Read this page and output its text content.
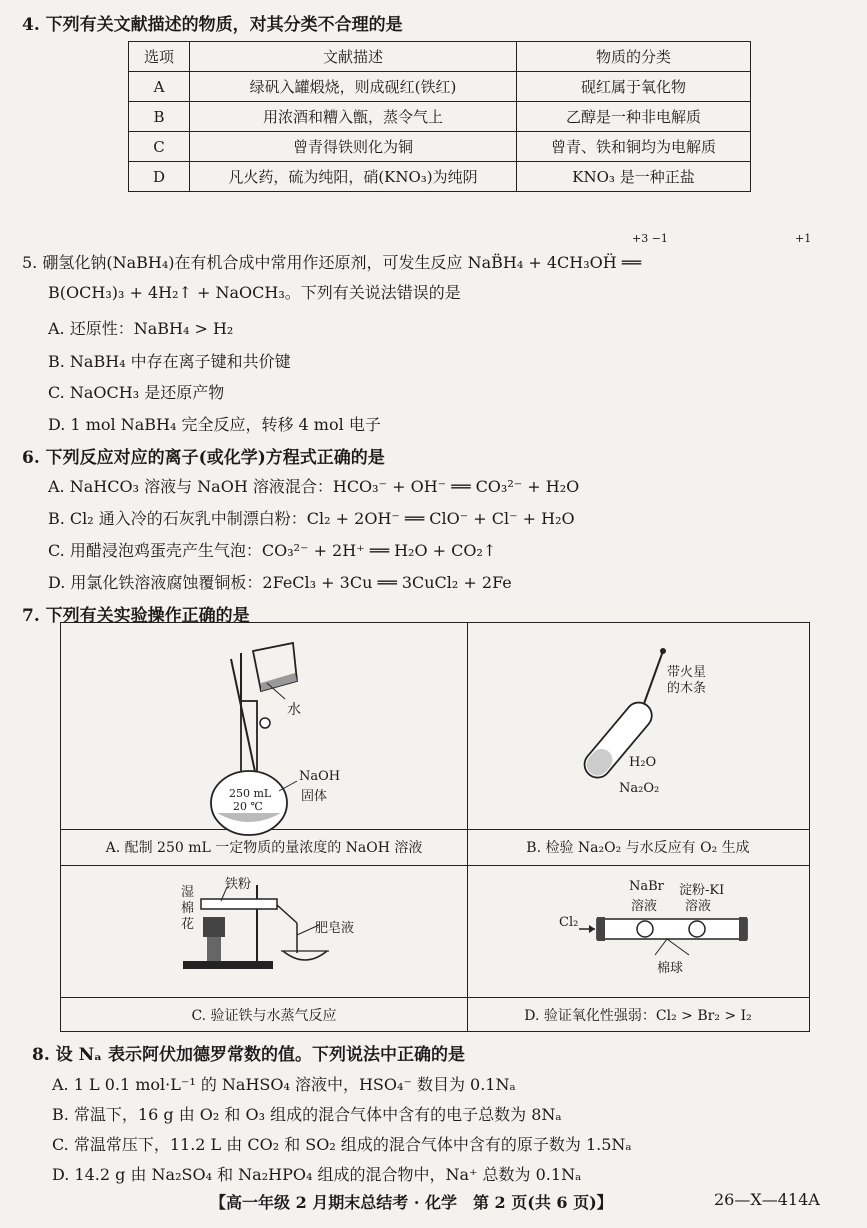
4. 下列有关文献描述的物质，对其分类不合理的是
选项	文献描述	物质的分类
A	绿矾入罐煅烧，则成砚红(铁红)	砚红属于氧化物
B	用浓酒和糟入甑，蒸令气上	乙醇是一种非电解质
C	曾青得铁则化为铜	曾青、铁和铜均为电解质
D	凡火药，硫为纯阳，硝(KNO₃)为纯阴	KNO₃ 是一种正盐
+3 −1	+1
5. 硼氢化钠(NaBH₄)在有机合成中常用作还原剂，可发生反应 NaB̈H₄ + 4CH₃OḦ ══
B(OCH₃)₃ + 4H₂↑ + NaOCH₃。下列有关说法错误的是
A. 还原性：NaBH₄ > H₂
B. NaBH₄ 中存在离子键和共价键
C. NaOCH₃ 是还原产物
D. 1 mol NaBH₄ 完全反应，转移 4 mol 电子
6. 下列反应对应的离子(或化学)方程式正确的是
A. NaHCO₃ 溶液与 NaOH 溶液混合：HCO₃⁻ + OH⁻ ══ CO₃²⁻ + H₂O
B. Cl₂ 通入冷的石灰乳中制漂白粉：Cl₂ + 2OH⁻ ══ ClO⁻ + Cl⁻ + H₂O
C. 用醋浸泡鸡蛋壳产生气泡：CO₃²⁻ + 2H⁺ ══ H₂O + CO₂↑
D. 用氯化铁溶液腐蚀覆铜板：2FeCl₃ + 3Cu ══ 3CuCl₂ + 2Fe
7. 下列有关实验操作正确的是
水
250 mL
20 ℃
NaOH
固体
A. 配制 250 mL 一定物质的量浓度的 NaOH 溶液
带火星
的木条
H₂O
Na₂O₂
B. 检验 Na₂O₂ 与水反应有 O₂ 生成
湿
棉
花
铁粉
肥皂液
C. 验证铁与水蒸气反应
Cl₂
NaBr
溶液
淀粉-KI
溶液
棉球
D. 验证氧化性强弱：Cl₂ > Br₂ > I₂
8. 设 Nₐ 表示阿伏加德罗常数的值。下列说法中正确的是
A. 1 L 0.1 mol·L⁻¹ 的 NaHSO₄ 溶液中，HSO₄⁻ 数目为 0.1Nₐ
B. 常温下，16 g 由 O₂ 和 O₃ 组成的混合气体中含有的电子总数为 8Nₐ
C. 常温常压下，11.2 L 由 CO₂ 和 SO₂ 组成的混合气体中含有的原子数为 1.5Nₐ
D. 14.2 g 由 Na₂SO₄ 和 Na₂HPO₄ 组成的混合物中，Na⁺ 总数为 0.1Nₐ
【高一年级 2 月期末总结考 · 化学　第 2 页(共 6 页)】	26—X—414A
